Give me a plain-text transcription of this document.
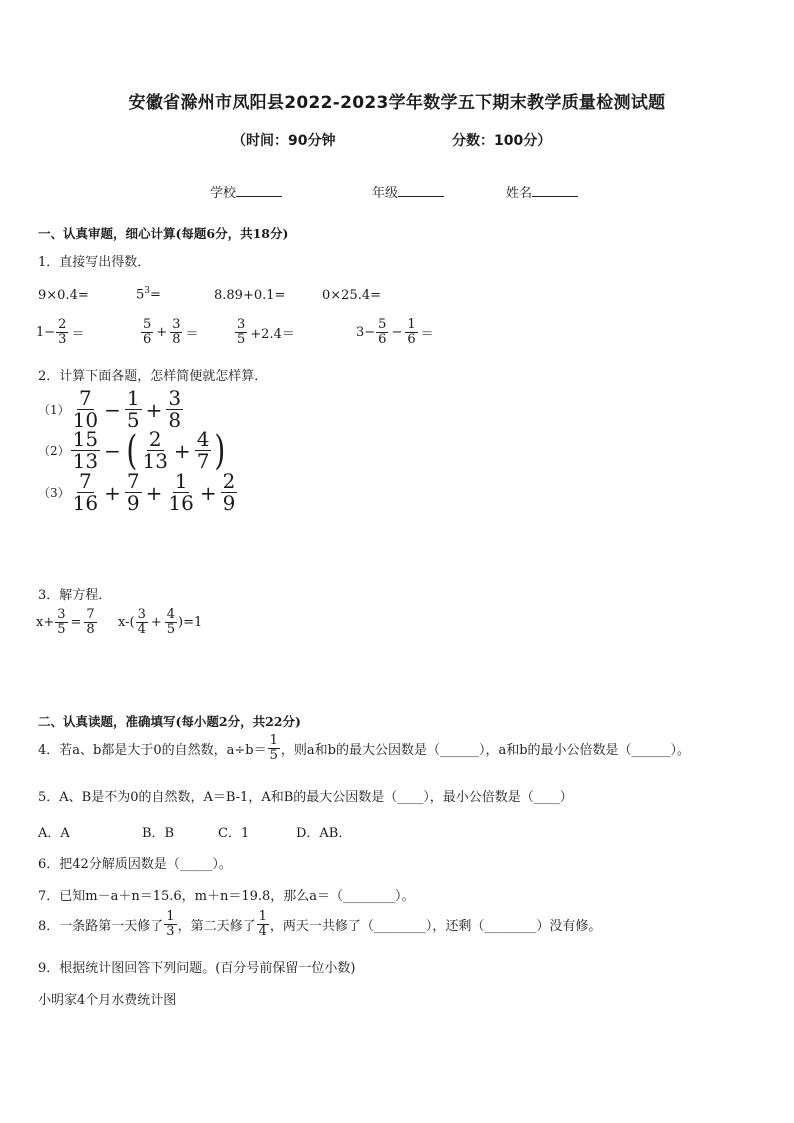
安徽省滁州市凤阳县2022-2023学年数学五下期末教学质量检测试题
（时间：90分钟	分数：100分）
学校	年级	姓名
一、认真审题，细心计算(每题6分，共18分)
1．直接写出得数．
9×0.4=	$5^3=$	8.89+0.1=	0×25.4=
$1- \frac{2}{3}$ ＝	$\frac{5}{6} + \frac{3}{8}$ ＝	$\frac{3}{5} +2.4=$	$3- \frac{5}{6} - \frac{1}{6}$ ＝
2．计算下面各题，怎样简便就怎样算．
$(1) \frac{7}{10} - \frac{1}{5} + \frac{3}{8}$
$(2) \frac{15}{13}$ − ( $\frac{2}{13} + \frac{4}{7}$ )
$(3) \frac{7}{16} + \frac{7}{9} + \frac{1}{16} + \frac{2}{9}$
3．解方程．
$x+ \frac{3}{5} = \frac{7}{8} x-( \frac{3}{4} + \frac{4}{5} )=1$
二、认真读题，准确填写(每小题2分，共22分)
4．若a、b都是大于0的自然数，$a\div b= \frac{1}{5}$ ，则a和b的最大公因数是（______），a和b的最小公倍数是（______）。
5．A、B是不为0的自然数，A＝B-1，A和B的最大公因数是（____），最小公倍数是（____）
A．A	B．B	C．1	D．AB．
6．把42分解质因数是（_____）。
7．已知m－a＋n＝15.6，m＋n＝19.8，那么a＝（________）。
8．一条路第一天修了 $\frac{1}{3}$ ，第二天修了 $\frac{1}{4}$ ，两天一共修了（________），还剩（________）没有修。
9．根据统计图回答下列问题。(百分号前保留一位小数)
小明家4个月水费统计图
